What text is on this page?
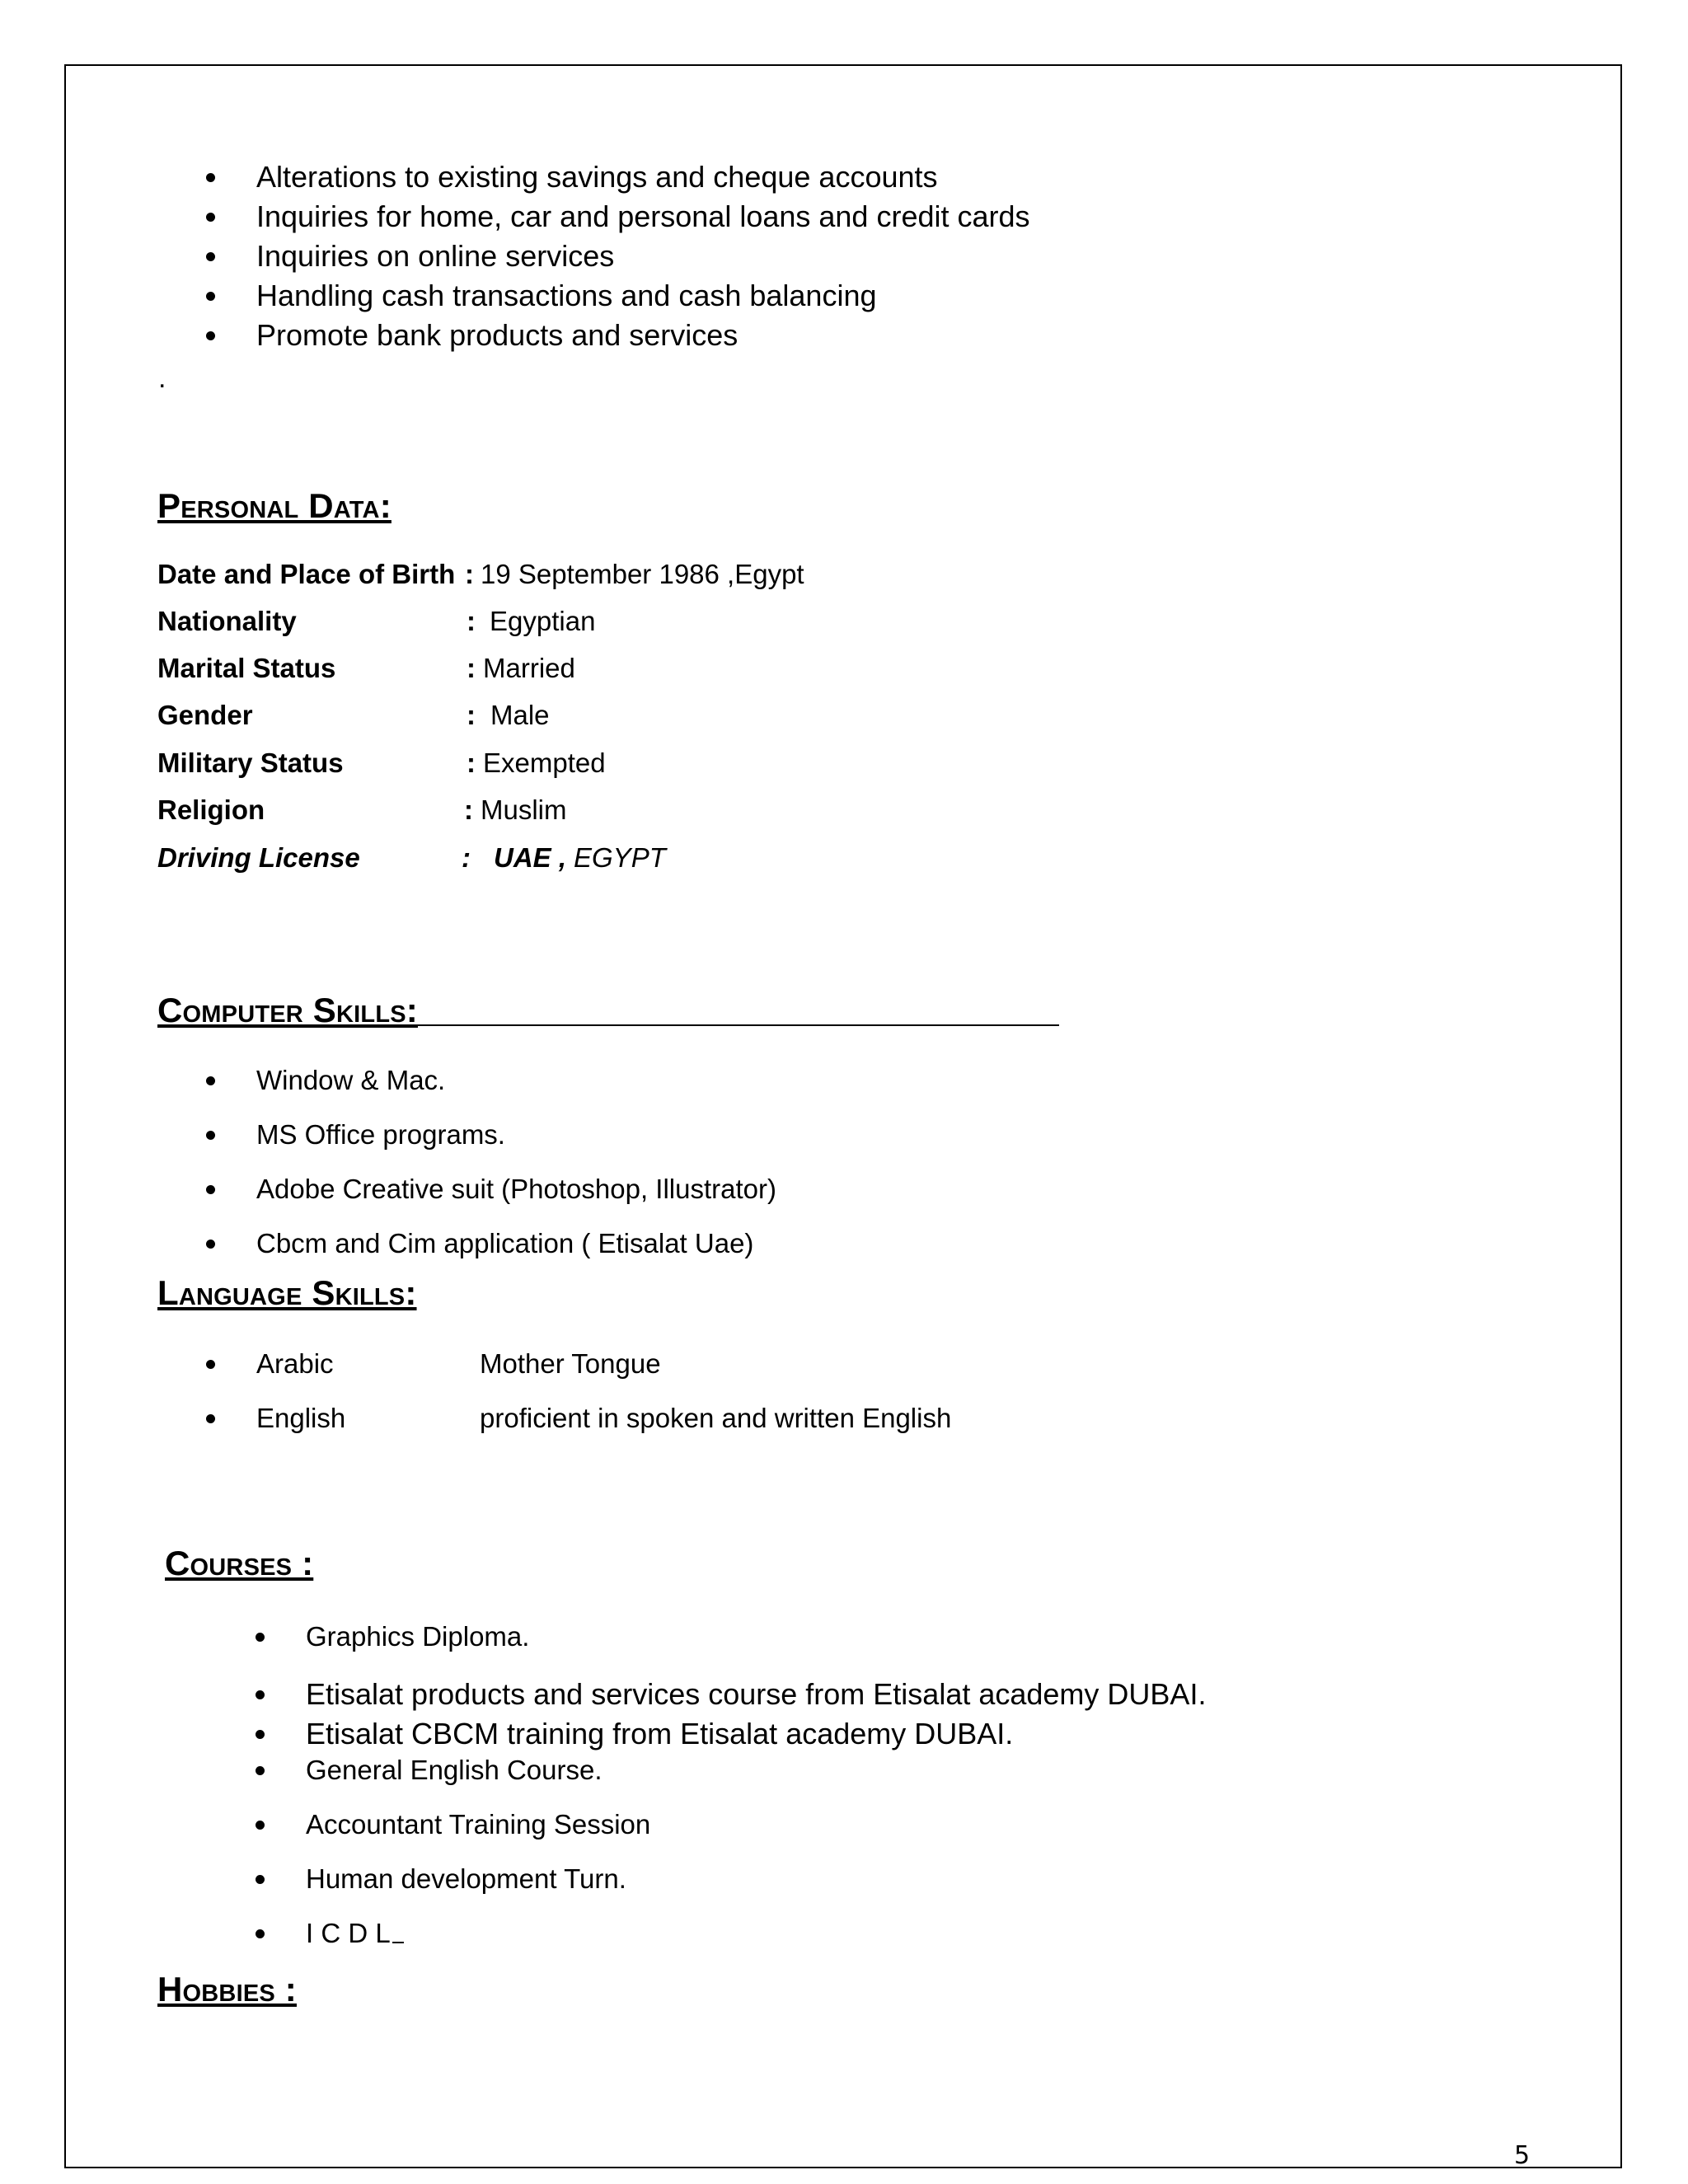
Alterations to existing savings and cheque accounts
Inquiries for home, car and personal loans and credit cards
Inquiries on online services
Handling cash transactions and cash balancing
Promote bank products and services
.
Personal Data:
Date and Place of Birth : 19 September 1986 ,Egypt
Nationality	: Egyptian
Marital Status	: Married
Gender	: Male
Military Status	: Exempted
Religion	: Muslim
Driving License	: UAE , EGYPT
Computer Skills:
Window & Mac.
MS Office programs.
Adobe Creative suit (Photoshop, Illustrator)
Cbcm and Cim application ( Etisalat Uae)
Language Skills:
Arabic	Mother Tongue
English	proficient in spoken and written English
Courses :
Graphics Diploma.
Etisalat products and services course from Etisalat academy DUBAI.
Etisalat CBCM training from Etisalat academy DUBAI.
General English Course.
Accountant Training Session
Human development Turn.
I C D L
Hobbies :
5
